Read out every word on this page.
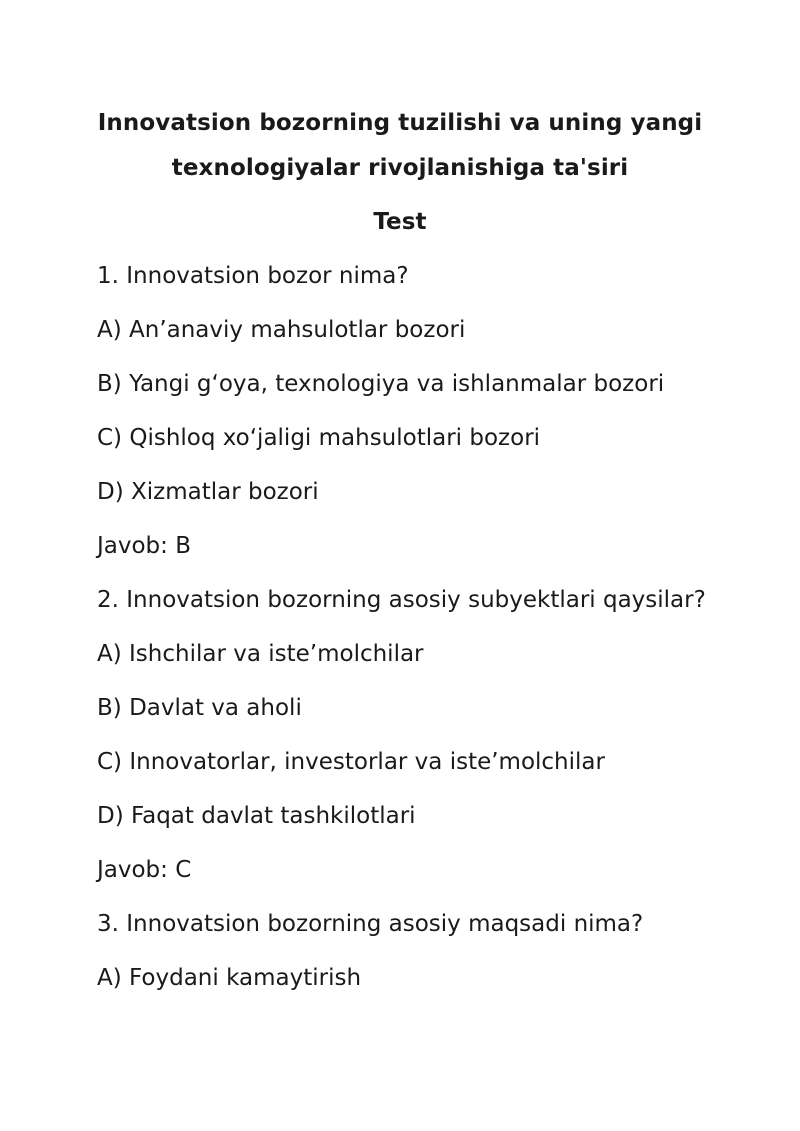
Innovatsion bozorning tuzilishi va uning yangi
texnologiyalar rivojlanishiga ta'siri
Test
1. Innovatsion bozor nima?
A) An’anaviy mahsulotlar bozori
B) Yangi g‘oya, texnologiya va ishlanmalar bozori
C) Qishloq xo‘jaligi mahsulotlari bozori
D) Xizmatlar bozori
Javob: B
2. Innovatsion bozorning asosiy subyektlari qaysilar?
A) Ishchilar va iste’molchilar
B) Davlat va aholi
C) Innovatorlar, investorlar va iste’molchilar
D) Faqat davlat tashkilotlari
Javob: C
3. Innovatsion bozorning asosiy maqsadi nima?
A) Foydani kamaytirish
